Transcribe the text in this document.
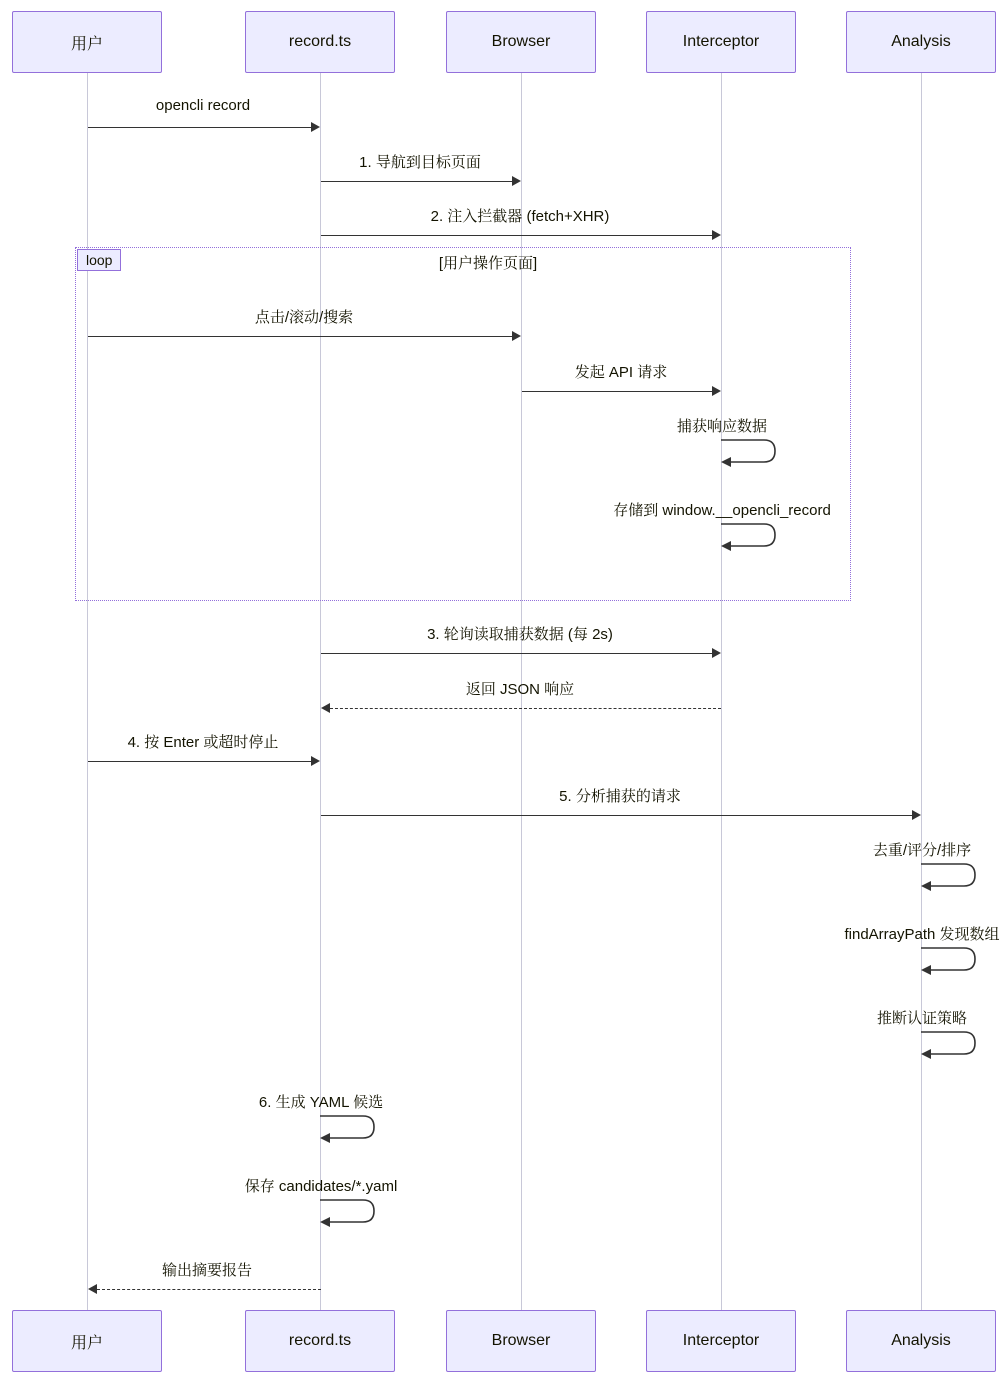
loop	[用户操作页面]
用户	record.ts	Browser	Interceptor	Analysis
用户	record.ts	Browser	Interceptor	Analysis
opencli record
1. 导航到目标页面
2. 注入拦截器 (fetch+XHR)
点击/滚动/搜索
发起 API 请求
捕获响应数据
存储到 window.__opencli_record
3. 轮询读取捕获数据 (每 2s)
返回 JSON 响应
4. 按 Enter 或超时停止
5. 分析捕获的请求
去重/评分/排序
findArrayPath 发现数组
推断认证策略
6. 生成 YAML 候选
保存 candidates/*.yaml
输出摘要报告
